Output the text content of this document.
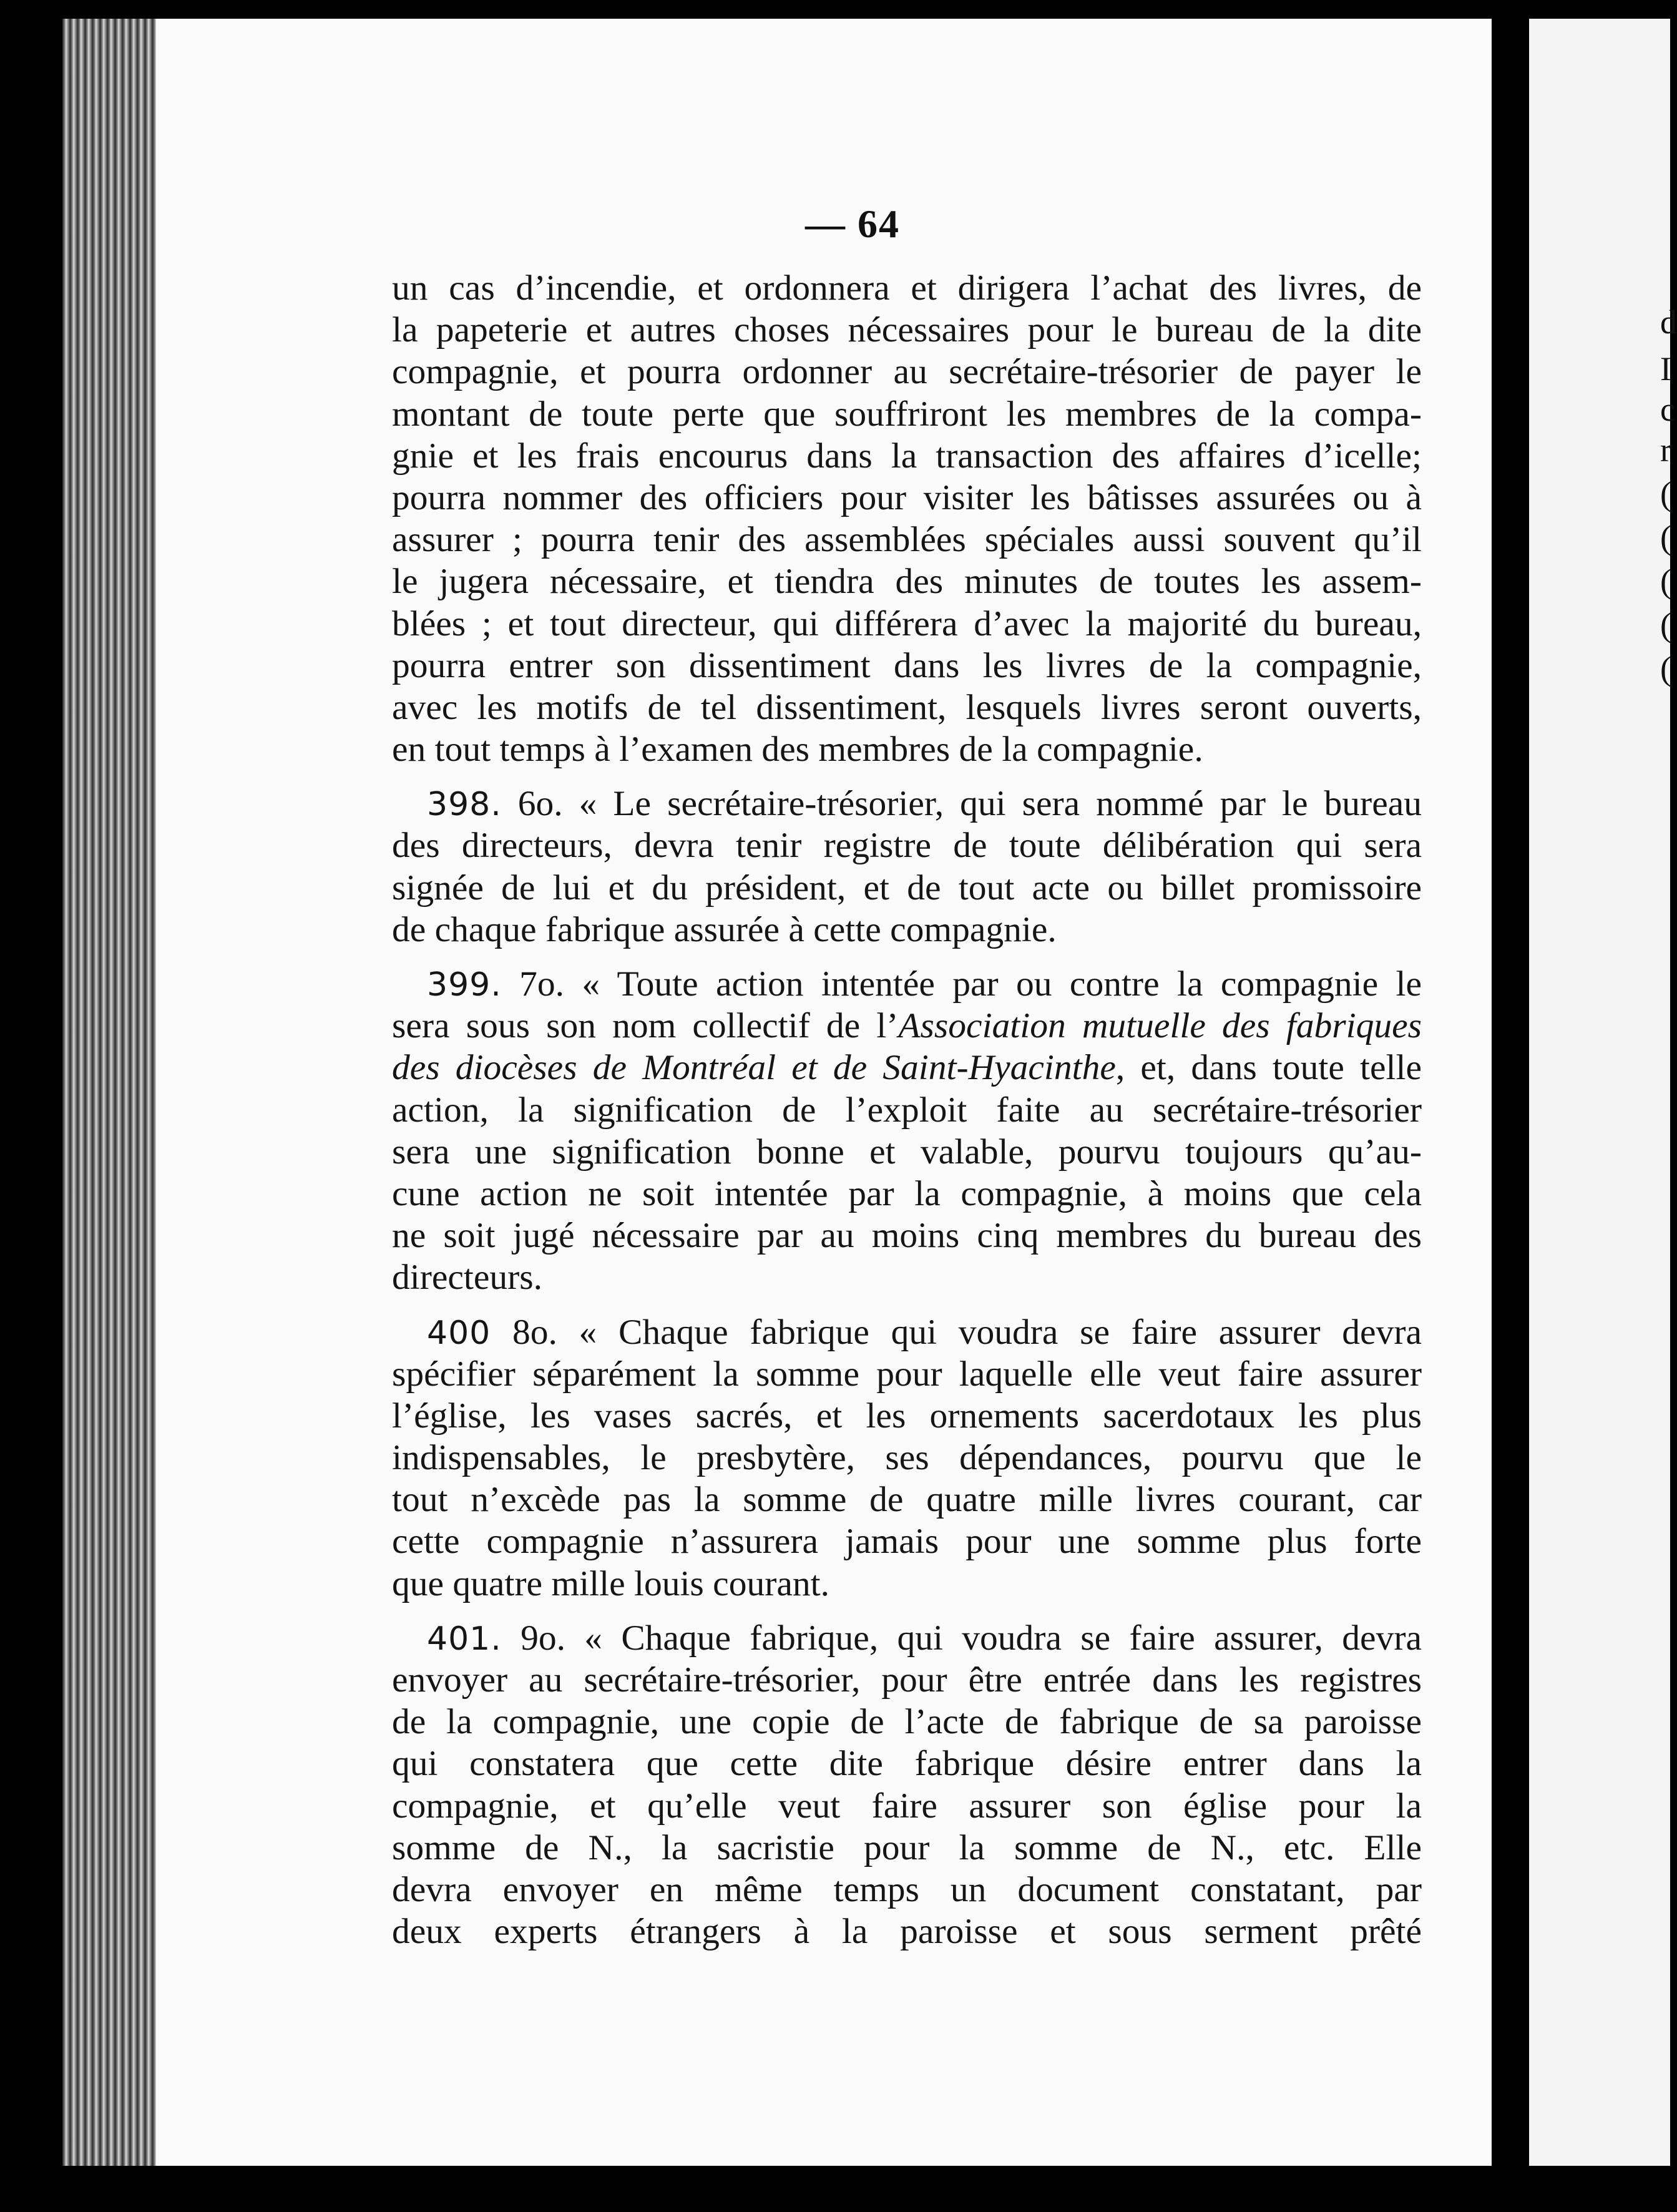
d
I
c
r
(
(
(
(
(
— 64
un cas d’incendie, et ordonnera et dirigera l’achat des livres, de
la papeterie et autres choses nécessaires pour le bureau de la dite
compagnie, et pourra ordonner au secrétaire-trésorier de payer le
montant de toute perte que souffriront les membres de la compa-
gnie et les frais encourus dans la transaction des affaires d’icelle;
pourra nommer des officiers pour visiter les bâtisses assurées ou à
assurer ; pourra tenir des assemblées spéciales aussi souvent qu’il
le jugera nécessaire, et tiendra des minutes de toutes les assem-
blées ; et tout directeur, qui différera d’avec la majorité du bureau,
pourra entrer son dissentiment dans les livres de la compagnie,
avec les motifs de tel dissentiment, lesquels livres seront ouverts,
en tout temps à l’examen des membres de la compagnie.
398. 6o. « Le secrétaire-trésorier, qui sera nommé par le bureau
des directeurs, devra tenir registre de toute délibération qui sera
signée de lui et du président, et de tout acte ou billet promissoire
de chaque fabrique assurée à cette compagnie.
399. 7o. « Toute action intentée par ou contre la compagnie le
sera sous son nom collectif de l’Association mutuelle des fabriques
des diocèses de Montréal et de Saint-Hyacinthe, et, dans toute telle
action, la signification de l’exploit faite au secrétaire-trésorier
sera une signification bonne et valable, pourvu toujours qu’au-
cune action ne soit intentée par la compagnie, à moins que cela
ne soit jugé nécessaire par au moins cinq membres du bureau des
directeurs.
400 8o. « Chaque fabrique qui voudra se faire assurer devra
spécifier séparément la somme pour laquelle elle veut faire assurer
l’église, les vases sacrés, et les ornements sacerdotaux les plus
indispensables, le presbytère, ses dépendances, pourvu que le
tout n’excède pas la somme de quatre mille livres courant, car
cette compagnie n’assurera jamais pour une somme plus forte
que quatre mille louis courant.
401. 9o. « Chaque fabrique, qui voudra se faire assurer, devra
envoyer au secrétaire-trésorier, pour être entrée dans les registres
de la compagnie, une copie de l’acte de fabrique de sa paroisse
qui constatera que cette dite fabrique désire entrer dans la
compagnie, et qu’elle veut faire assurer son église pour la
somme de N., la sacristie pour la somme de N., etc. Elle
devra envoyer en même temps un document constatant, par
deux experts étrangers à la paroisse et sous serment prêté
